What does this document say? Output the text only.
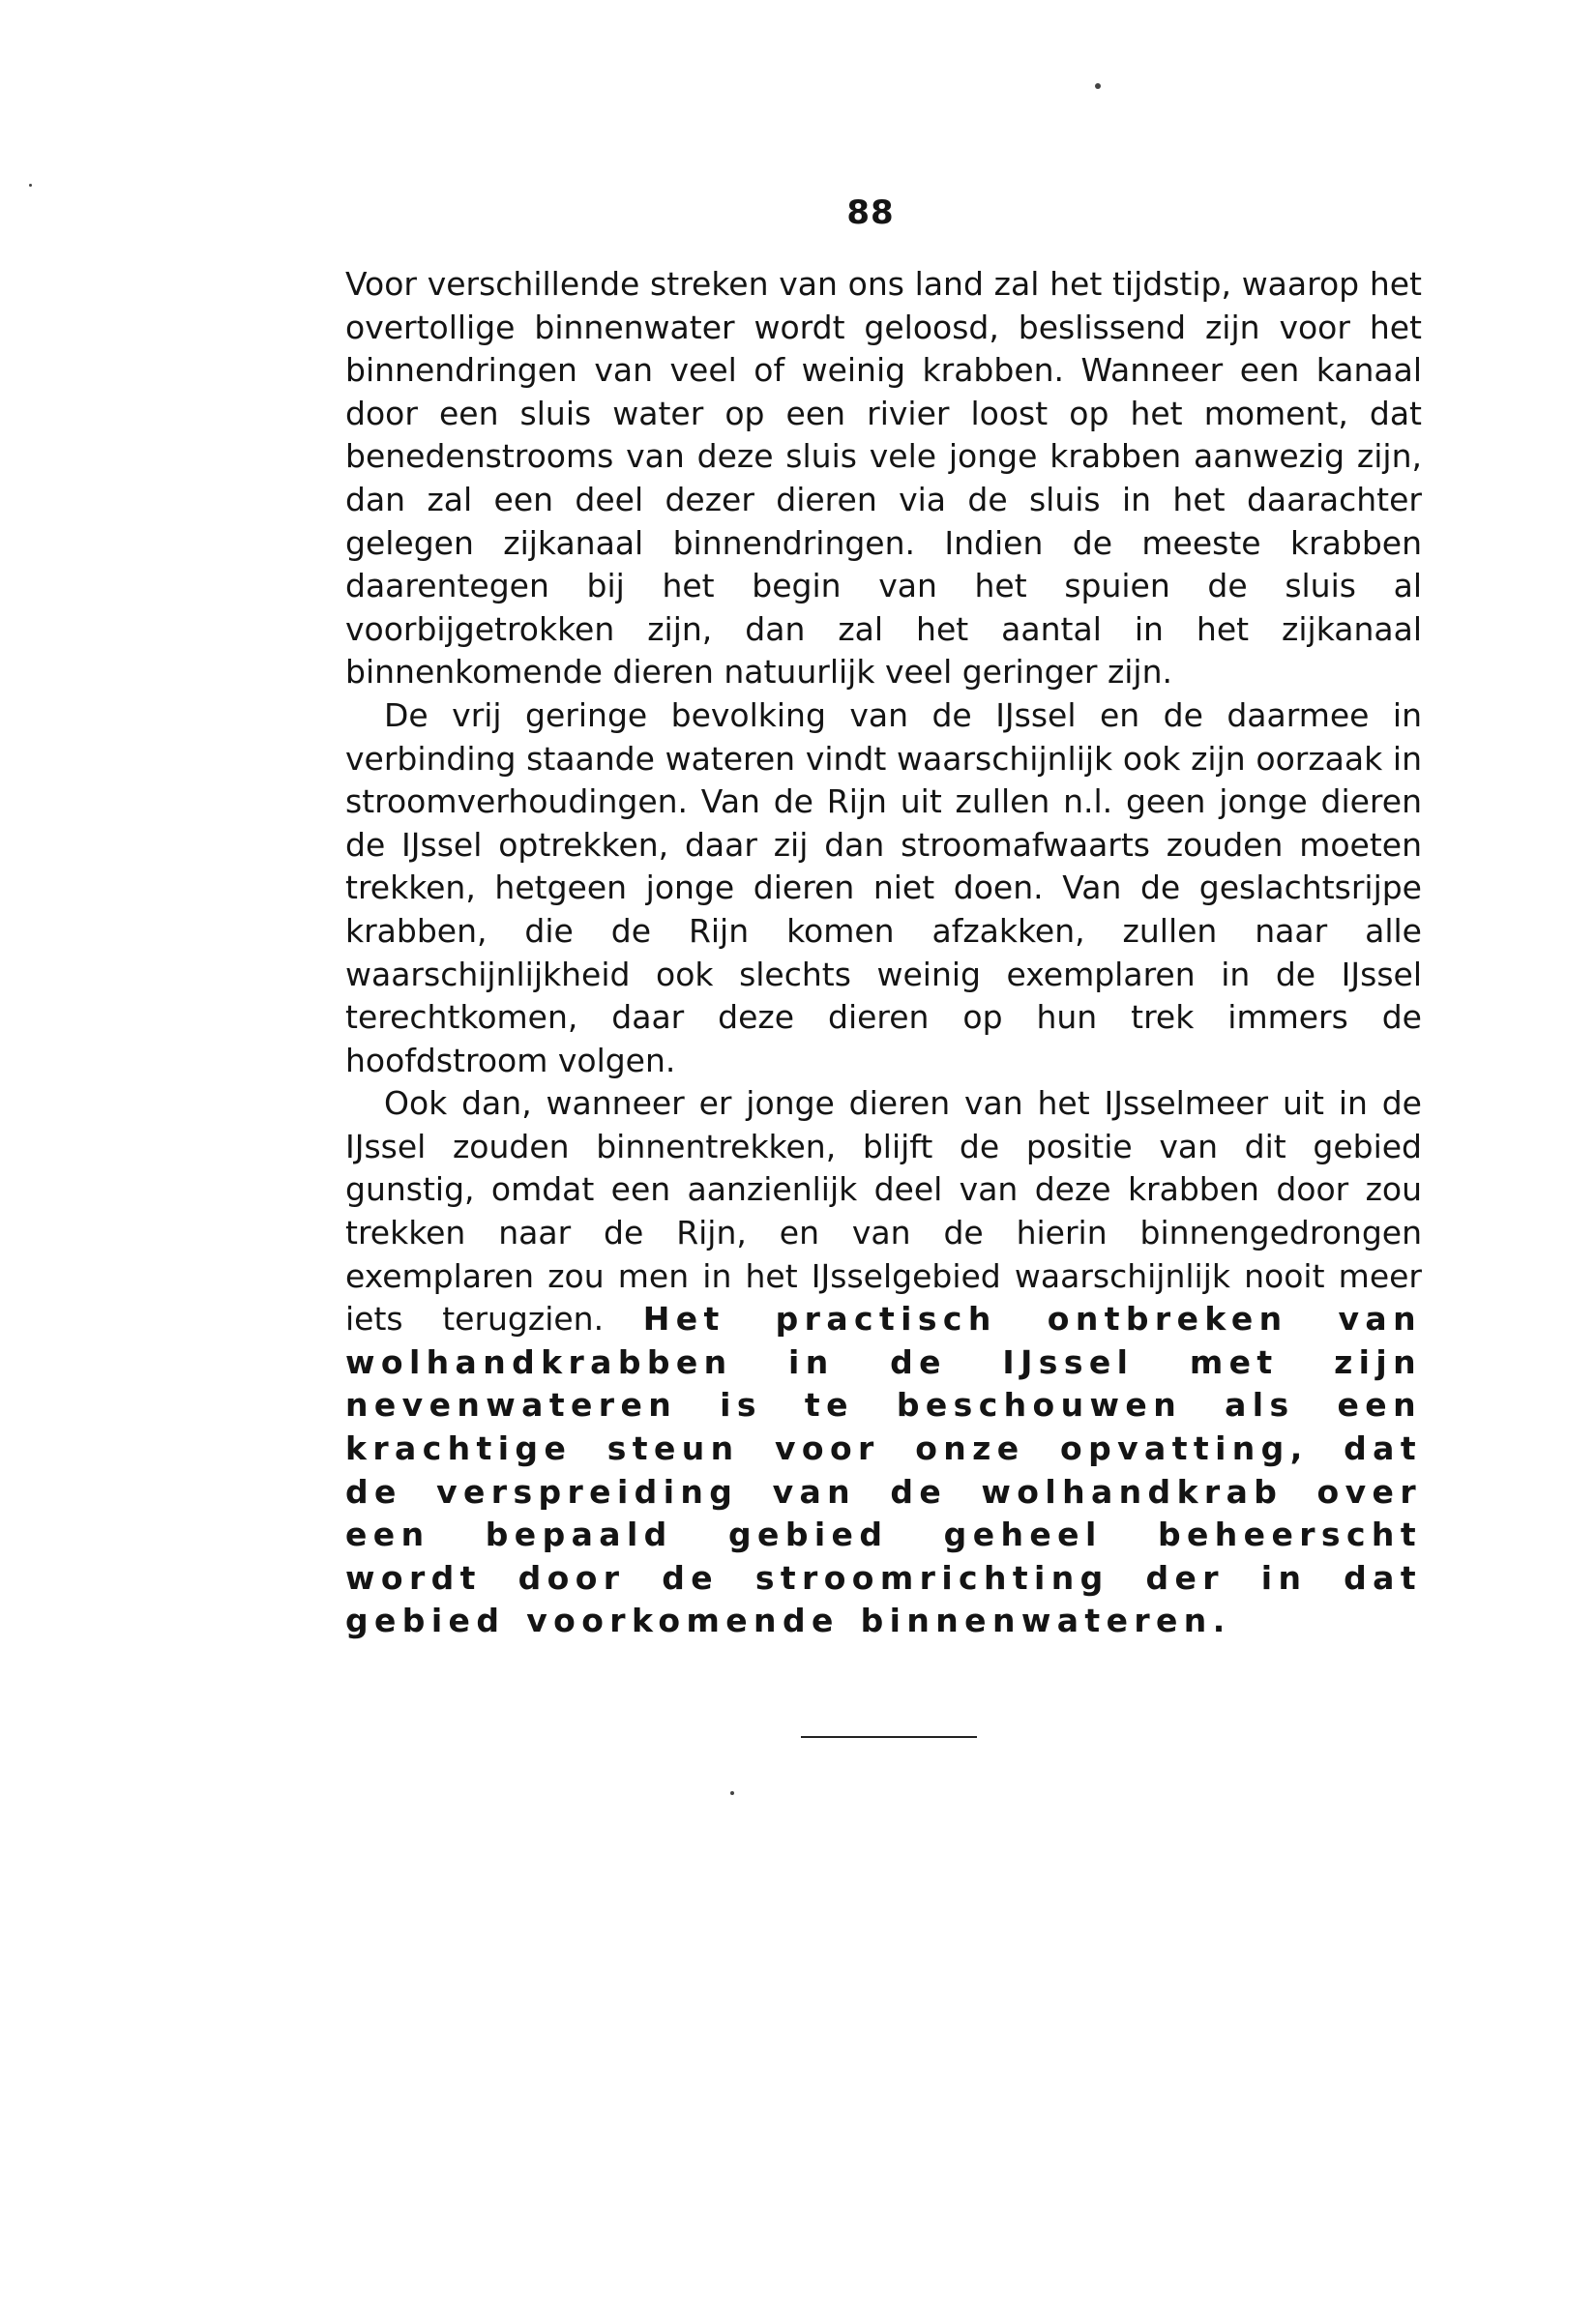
88

Voor verschillende streken van ons land zal het tijdstip, waarop het overtollige binnenwater wordt geloosd, beslissend zijn voor het binnendringen van veel of weinig krabben. Wanneer een kanaal door een sluis water op een rivier loost op het moment, dat benedenstrooms van deze sluis vele jonge krabben aanwezig zijn, dan zal een deel dezer dieren via de sluis in het daarachter gelegen zijkanaal binnendringen. Indien de meeste krabben daarentegen bij het begin van het spuien de sluis al voorbijgetrokken zijn, dan zal het aantal in het zijkanaal binnenkomende dieren natuurlijk veel geringer zijn.

De vrij geringe bevolking van de IJssel en de daarmee in verbinding staande wateren vindt waarschijnlijk ook zijn oorzaak in stroomverhoudingen. Van de Rijn uit zullen n.l. geen jonge dieren de IJssel optrekken, daar zij dan stroomafwaarts zouden moeten trekken, hetgeen jonge dieren niet doen. Van de geslachtsrijpe krabben, die de Rijn komen afzakken, zullen naar alle waarschijnlijkheid ook slechts weinig exemplaren in de IJssel terechtkomen, daar deze dieren op hun trek immers de hoofdstroom volgen.

Ook dan, wanneer er jonge dieren van het IJsselmeer uit in de IJssel zouden binnentrekken, blijft de positie van dit gebied gunstig, omdat een aanzienlijk deel van deze krabben door zou trekken naar de Rijn, en van de hierin binnengedrongen exemplaren zou men in het IJsselgebied waarschijnlijk nooit meer iets terugzien. Het practisch ontbreken van wolhandkrabben in de IJssel met zijn nevenwateren is te beschouwen als een krachtige steun voor onze opvatting, dat de verspreiding van de wolhandkrab over een bepaald gebied geheel beheerscht wordt door de stroomrichting der in dat gebied voorkomende binnenwateren.
